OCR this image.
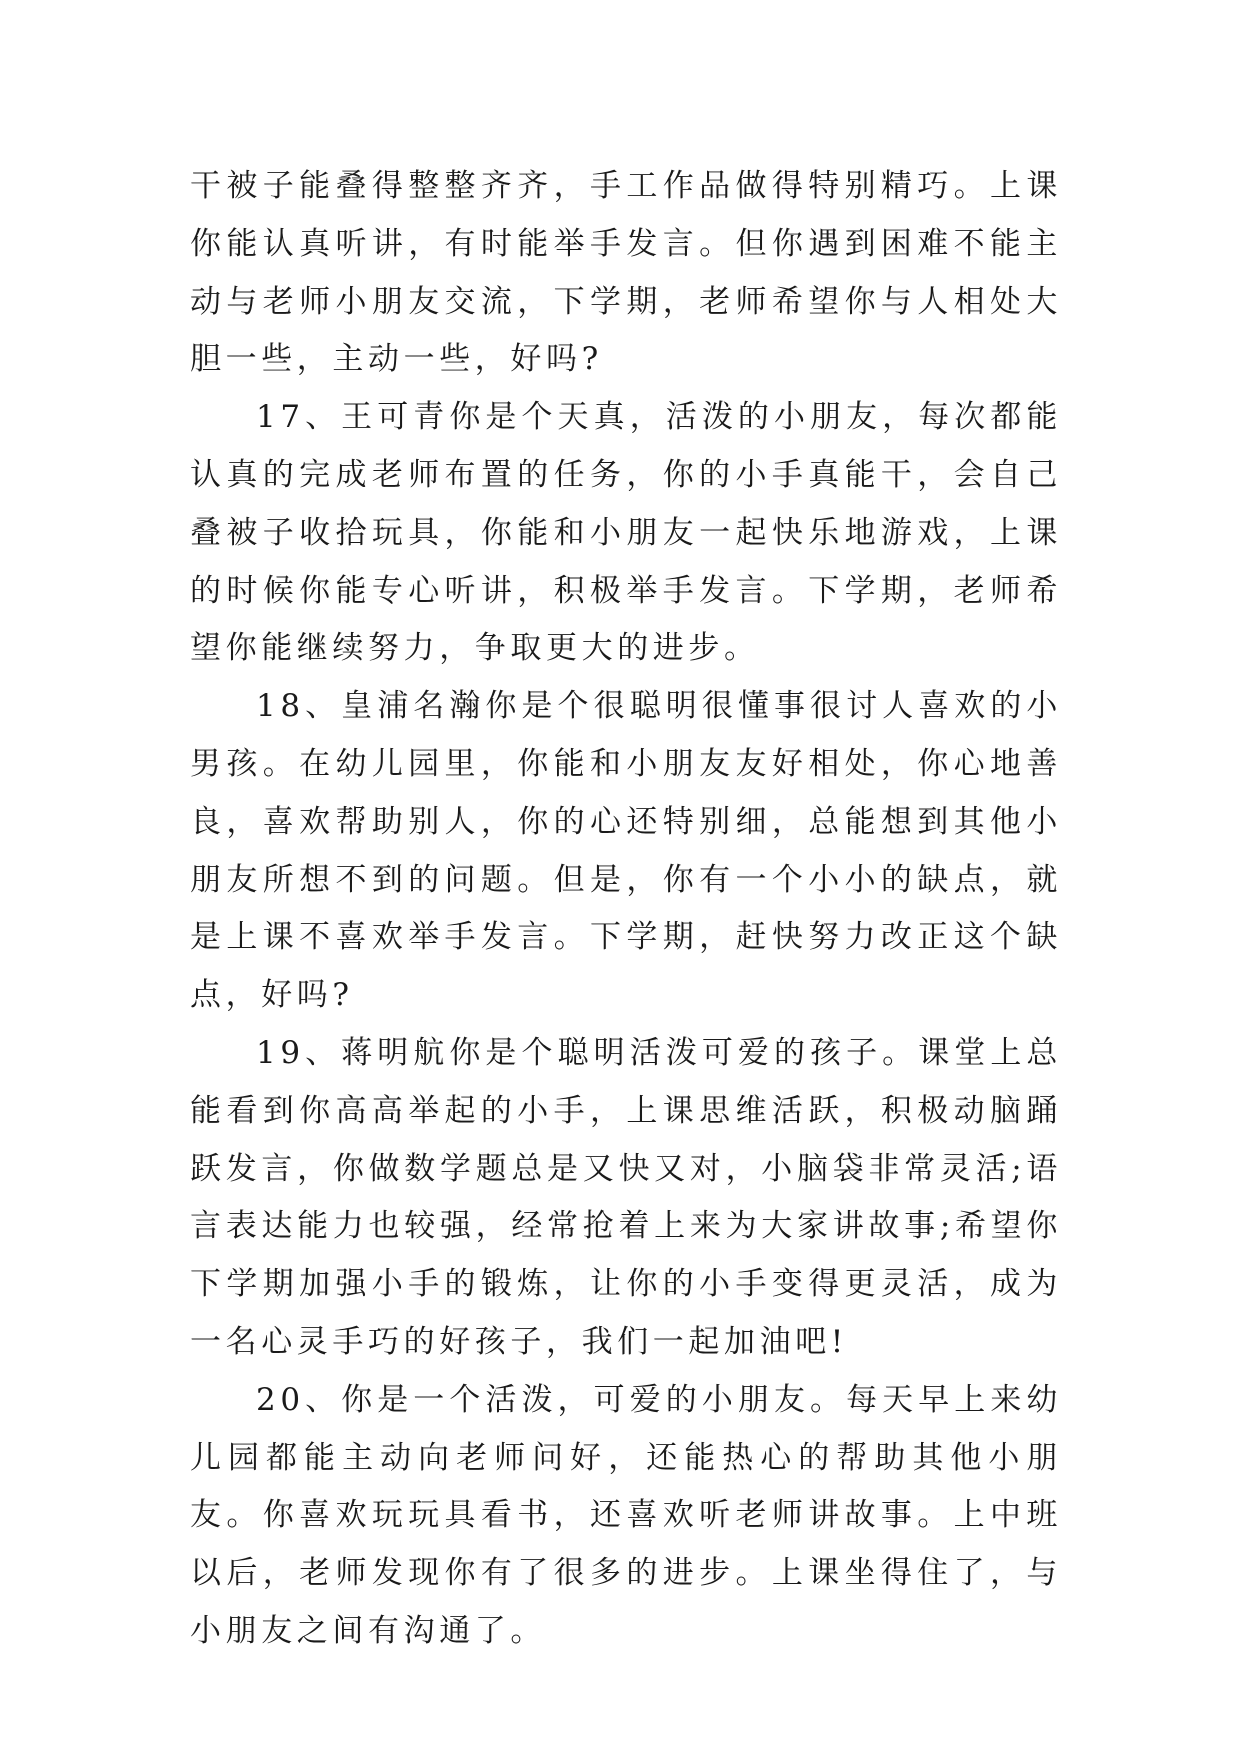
干被子能叠得整整齐齐，手工作品做得特别精巧。上课你能认真听讲，有时能举手发言。但你遇到困难不能主动与老师小朋友交流，下学期，老师希望你与人相处大胆一些，主动一些，好吗?

17、王可青你是个天真，活泼的小朋友，每次都能认真的完成老师布置的任务，你的小手真能干，会自己叠被子收拾玩具，你能和小朋友一起快乐地游戏，上课的时候你能专心听讲，积极举手发言。下学期，老师希望你能继续努力，争取更大的进步。

18、皇浦名瀚你是个很聪明很懂事很讨人喜欢的小男孩。在幼儿园里，你能和小朋友友好相处，你心地善良，喜欢帮助别人，你的心还特别细，总能想到其他小朋友所想不到的问题。但是，你有一个小小的缺点，就是上课不喜欢举手发言。下学期，赶快努力改正这个缺点，好吗?

19、蒋明航你是个聪明活泼可爱的孩子。课堂上总能看到你高高举起的小手，上课思维活跃，积极动脑踊跃发言，你做数学题总是又快又对，小脑袋非常灵活;语言表达能力也较强，经常抢着上来为大家讲故事;希望你下学期加强小手的锻炼，让你的小手变得更灵活，成为一名心灵手巧的好孩子，我们一起加油吧!

20、你是一个活泼，可爱的小朋友。每天早上来幼儿园都能主动向老师问好，还能热心的帮助其他小朋友。你喜欢玩玩具看书，还喜欢听老师讲故事。上中班以后，老师发现你有了很多的进步。上课坐得住了，与小朋友之间有沟通了。
